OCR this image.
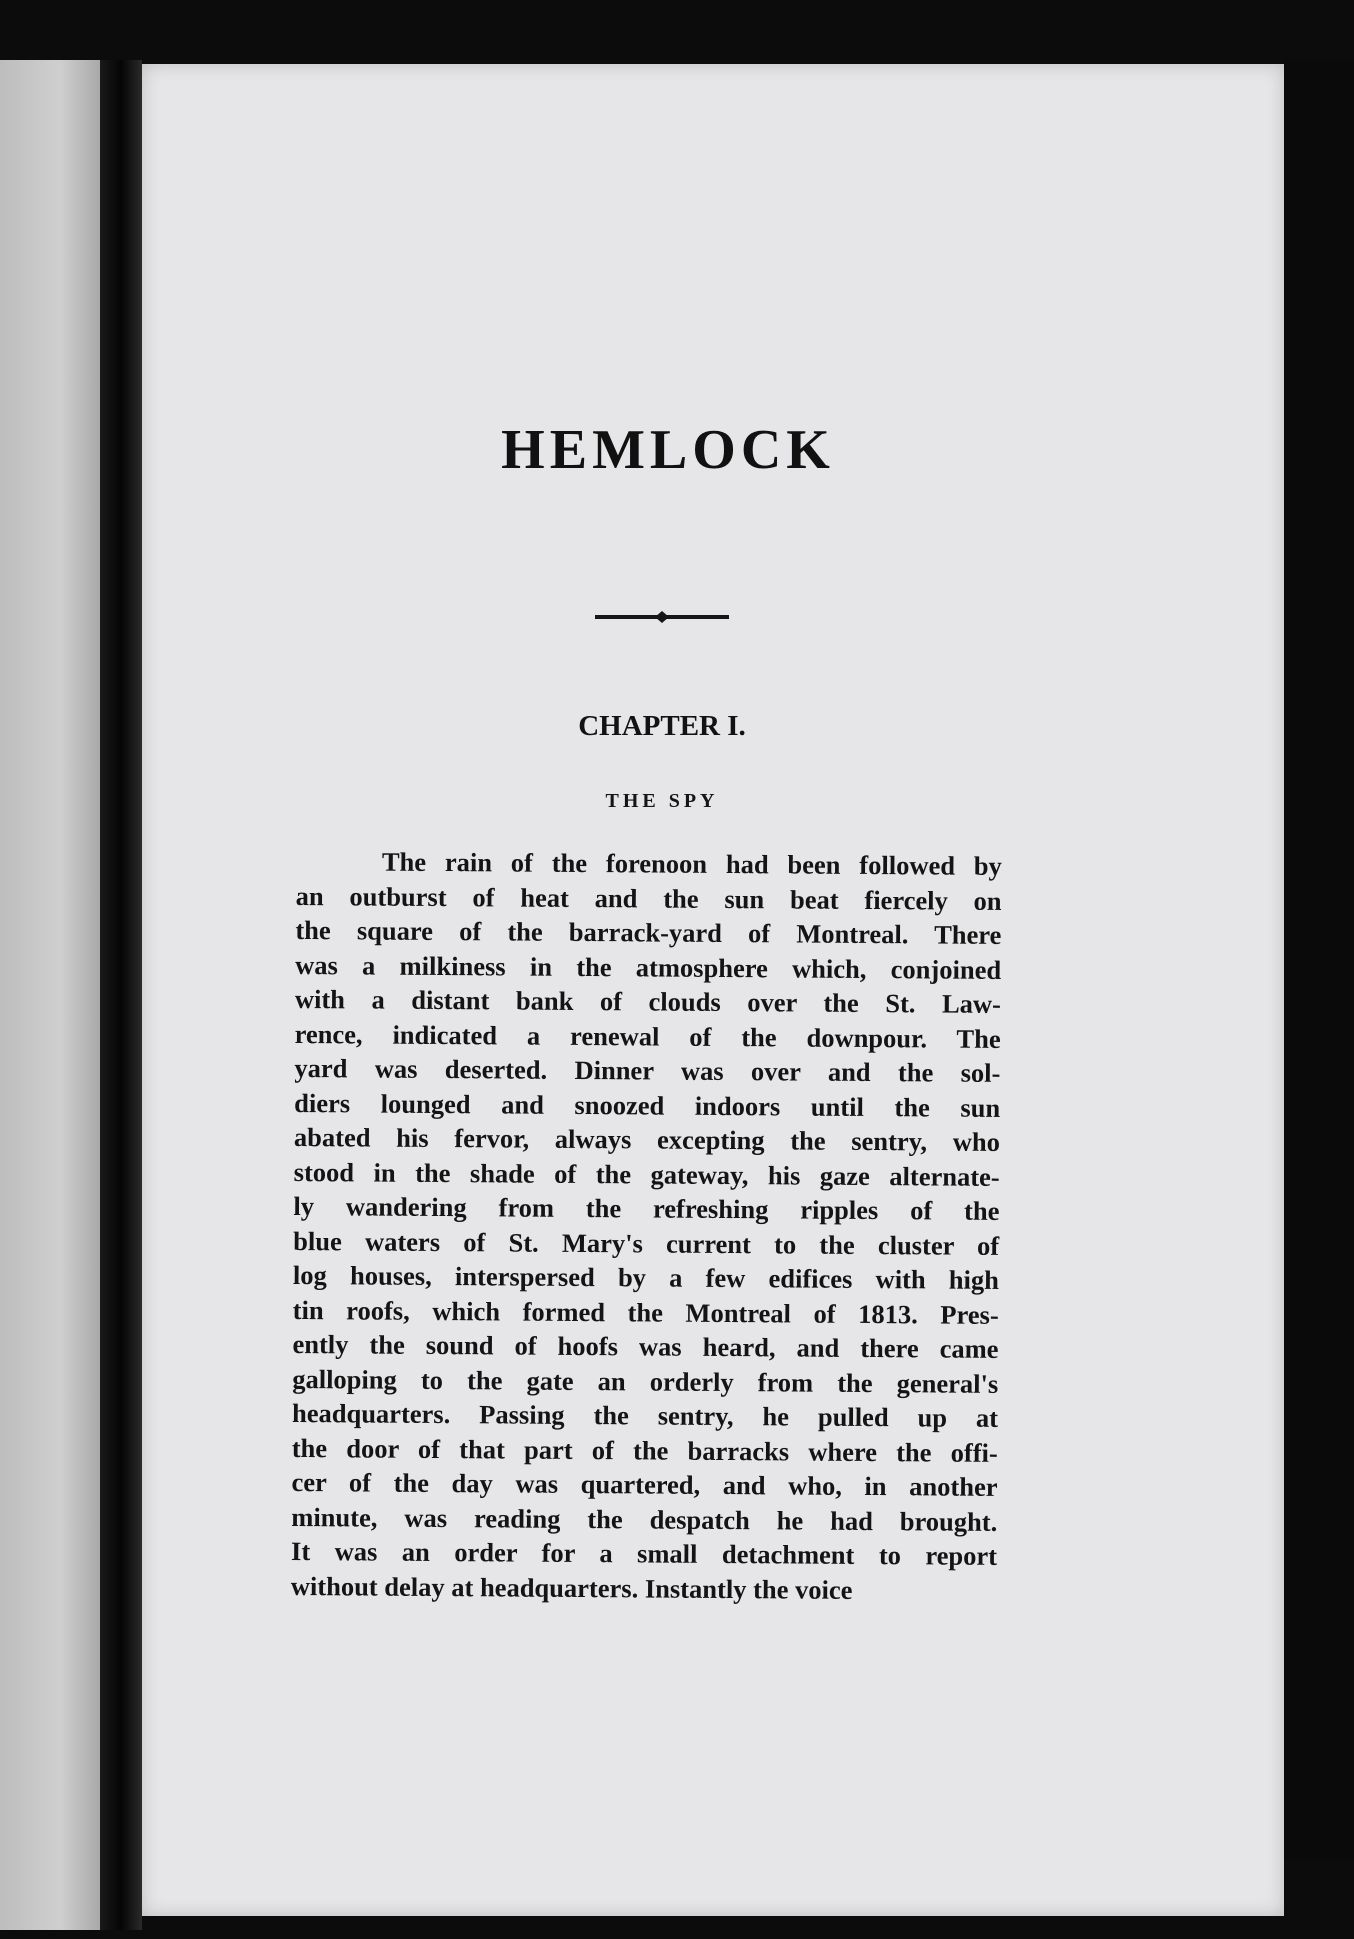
HEMLOCK
CHAPTER I.
THE SPY
The rain of the forenoon had been followed by
an outburst of heat and the sun beat fiercely on
the square of the barrack-yard of Montreal. There
was a milkiness in the atmosphere which, conjoined
with a distant bank of clouds over the St. Law-
rence, indicated a renewal of the downpour. The
yard was deserted. Dinner was over and the sol-
diers lounged and snoozed indoors until the sun
abated his fervor, always excepting the sentry, who
stood in the shade of the gateway, his gaze alternate-
ly wandering from the refreshing ripples of the
blue waters of St. Mary's current to the cluster of
log houses, interspersed by a few edifices with high
tin roofs, which formed the Montreal of 1813. Pres-
ently the sound of hoofs was heard, and there came
galloping to the gate an orderly from the general's
headquarters. Passing the sentry, he pulled up at
the door of that part of the barracks where the offi-
cer of the day was quartered, and who, in another
minute, was reading the despatch he had brought.
It was an order for a small detachment to report
without delay at headquarters. Instantly the voice
